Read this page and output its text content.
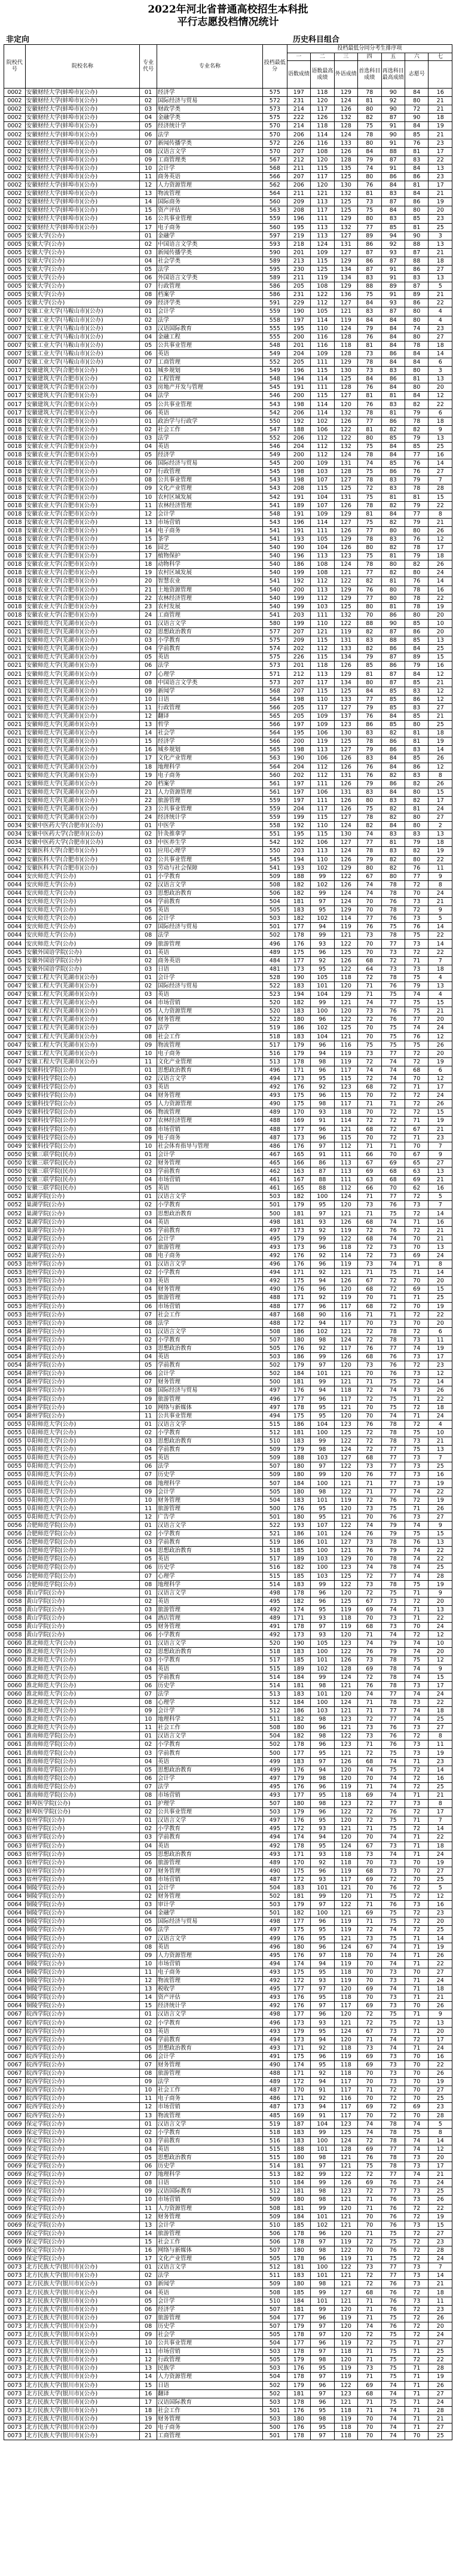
2022年河北省普通高校招生本科批
平行志愿投档情况统计
非定向	历史科目组合
院校代号	院校名称	专业代号	专业名称	投档最低分	投档最低分同分考生排序项						
					一	二	三	四	五	六	七
					语数成绩	语数最高成绩	外语成绩	首选科目成绩	再选科目最高成绩	志愿号	
0002	安徽财经大学(蚌埠市)(公办)	01	经济学	575	197	118	129	78	90	84	16
0002	安徽财经大学(蚌埠市)(公办)	02	国际经济与贸易	572	231	120	124	81	92	80	21
0002	安徽财经大学(蚌埠市)(公办)	03	财政学类	573	214	117	126	80	90	72	21
0002	安徽财经大学(蚌埠市)(公办)	04	金融学类	575	222	126	132	82	87	90	18
0002	安徽财经大学(蚌埠市)(公办)	05	经济统计学	570	214	118	128	75	91	84	19
0002	安徽财经大学(蚌埠市)(公办)	06	法学	570	206	114	124	78	90	85	21
0002	安徽财经大学(蚌埠市)(公办)	07	新闻传播学类	572	226	116	133	80	91	76	23
0002	安徽财经大学(蚌埠市)(公办)	08	汉语言文学	570	207	108	126	84	88	81	17
0002	安徽财经大学(蚌埠市)(公办)	09	工商管理类	567	212	120	128	79	87	83	22
0002	安徽财经大学(蚌埠市)(公办)	10	会计学	568	211	115	135	74	91	84	13
0002	安徽财经大学(蚌埠市)(公办)	11	商务英语	566	207	117	125	80	86	86	23
0002	安徽财经大学(蚌埠市)(公办)	12	人力资源管理	562	206	120	130	76	84	81	17
0002	安徽财经大学(蚌埠市)(公办)	13	物流管理	564	211	121	132	81	83	84	21
0002	安徽财经大学(蚌埠市)(公办)	14	国际商务	560	209	113	125	73	87	86	19
0002	安徽财经大学(蚌埠市)(公办)	15	资产评估	563	208	117	125	75	84	80	20
0002	安徽财经大学(蚌埠市)(公办)	16	公共事业管理	559	196	111	129	80	83	85	23
0002	安徽财经大学(蚌埠市)(公办)	17	电子商务	560	195	113	132	77	85	81	25
0005	安徽大学(公办)	01	金融学	597	219	113	127	89	94	90	3
0005	安徽大学(公办)	02	中国语言文学类	593	218	124	131	86	92	88	13
0005	安徽大学(公办)	03	新闻传播学类	590	201	109	127	87	93	87	21
0005	安徽大学(公办)	04	社会学类	589	213	115	129	86	87	88	18
0005	安徽大学(公办)	05	法学	595	230	125	134	87	91	86	27
0005	安徽大学(公办)	06	外国语言文学类	589	211	119	134	83	91	83	13
0005	安徽大学(公办)	07	行政管理	586	205	108	129	88	89	87	5
0005	安徽大学(公办)	08	档案学	586	231	122	136	75	91	89	21
0005	安徽大学(公办)	09	经济学类	591	229	112	127	84	93	86	22
0007	安徽工业大学(马鞍山市)(公办)	01	会计学	559	190	105	121	83	87	80	4
0007	安徽工业大学(马鞍山市)(公办)	02	法学	558	197	114	119	84	84	80	4
0007	安徽工业大学(马鞍山市)(公办)	03	汉语国际教育	555	195	110	124	79	84	74	23
0007	安徽工业大学(马鞍山市)(公办)	04	金融工程	555	200	116	128	76	84	80	27
0007	安徽工业大学(马鞍山市)(公办)	05	公共事业管理	548	201	116	118	81	84	78	18
0007	安徽工业大学(马鞍山市)(公办)	06	英语	549	204	109	128	73	86	84	14
0007	安徽工业大学(马鞍山市)(公办)	07	工商管理	552	205	111	129	78	84	84	6
0017	安徽建筑大学(合肥市)(公办)	01	城乡规划	549	196	115	130	73	83	80	3
0017	安徽建筑大学(合肥市)(公办)	02	工程管理	548	194	114	125	84	86	81	13
0017	安徽建筑大学(合肥市)(公办)	03	房地产开发与管理	545	191	111	128	76	84	80	20
0017	安徽建筑大学(合肥市)(公办)	04	法学	546	200	115	127	81	81	84	12
0017	安徽建筑大学(合肥市)(公办)	05	公共事业管理	543	198	114	120	76	83	82	22
0017	安徽建筑大学(合肥市)(公办)	06	英语	542	206	114	132	78	81	79	6
0018	安徽农业大学(合肥市)(公办)	01	政治学与行政学	550	192	102	126	77	86	78	18
0018	安徽农业大学(合肥市)(公办)	02	社会工作	547	188	106	122	81	82	82	9
0018	安徽农业大学(合肥市)(公办)	03	法学	552	206	112	122	80	85	79	13
0018	安徽农业大学(合肥市)(公办)	04	英语	546	204	112	132	75	84	85	25
0018	安徽农业大学(合肥市)(公办)	05	经济学	549	200	112	124	78	84	77	16
0018	安徽农业大学(合肥市)(公办)	06	国际经济与贸易	545	200	109	131	74	85	76	14
0018	安徽农业大学(合肥市)(公办)	07	行政管理	545	198	103	128	75	86	76	27
0018	安徽农业大学(合肥市)(公办)	08	公共事业管理	543	198	107	127	78	83	79	7
0018	安徽农业大学(合肥市)(公办)	09	文化产业管理	543	208	115	125	72	83	78	28
0018	安徽农业大学(合肥市)(公办)	10	农村区域发展	542	191	104	131	75	81	81	15
0018	安徽农业大学(合肥市)(公办)	11	农林经济管理	541	189	107	126	78	82	79	22
0018	安徽农业大学(合肥市)(公办)	12	会计学	548	191	109	129	81	84	77	8
0018	安徽农业大学(合肥市)(公办)	13	市场营销	543	196	114	127	75	82	79	21
0018	安徽农业大学(合肥市)(公办)	14	电子商务	541	191	111	126	77	80	80	26
0018	安徽农业大学(合肥市)(公办)	15	茶学	541	193	105	129	78	83	76	12
0018	安徽农业大学(合肥市)(公办)	16	园艺	540	190	104	126	80	82	78	17
0018	安徽农业大学(合肥市)(公办)	17	植物保护	540	196	113	123	75	81	79	18
0018	安徽农业大学(合肥市)(公办)	18	动物科学	540	186	108	124	78	80	82	26
0018	安徽农业大学(合肥市)(公办)	19	农村区域发展	540	199	108	121	77	82	80	24
0018	安徽农业大学(合肥市)(公办)	20	智慧农业	541	192	112	122	82	81	76	14
0018	安徽农业大学(合肥市)(公办)	21	土地资源管理	540	200	113	129	76	80	78	16
0018	安徽农业大学(合肥市)(公办)	22	农林经济管理	540	199	112	129	77	80	78	22
0018	安徽农业大学(合肥市)(公办)	23	农村发展	540	199	103	125	80	81	78	19
0018	安徽农业大学(合肥市)(公办)	24	工商管理	541	203	111	132	70	86	80	20
0021	安徽师范大学(芜湖市)(公办)	01	汉语言文学	580	199	110	122	88	90	85	10
0021	安徽师范大学(芜湖市)(公办)	02	思想政治教育	577	207	121	119	82	87	86	20
0021	安徽师范大学(芜湖市)(公办)	03	小学教育	575	209	115	131	83	88	85	13
0021	安徽师范大学(芜湖市)(公办)	04	学前教育	574	202	112	133	82	86	84	25
0021	安徽师范大学(芜湖市)(公办)	05	英语	575	226	115	134	79	87	89	15
0021	安徽师范大学(芜湖市)(公办)	06	法学	573	201	118	126	85	86	79	16
0021	安徽师范大学(芜湖市)(公办)	07	心理学	571	212	113	129	81	87	84	12
0021	安徽师范大学(芜湖市)(公办)	08	中国语言文学类	573	207	117	134	80	87	85	21
0021	安徽师范大学(芜湖市)(公办)	09	新闻学	568	207	115	125	84	85	83	12
0021	安徽师范大学(芜湖市)(公办)	10	日语	564	198	110	133	77	85	86	12
0021	安徽师范大学(芜湖市)(公办)	11	行政管理	566	205	117	127	79	85	83	27
0021	安徽师范大学(芜湖市)(公办)	12	翻译	565	205	109	137	76	84	85	21
0021	安徽师范大学(芜湖市)(公办)	13	哲学	566	197	109	123	86	85	80	25
0021	安徽师范大学(芜湖市)(公办)	14	社会学	564	195	106	130	83	82	81	18
0021	安徽师范大学(芜湖市)(公办)	15	经济学	566	200	119	125	78	86	81	19
0021	安徽师范大学(芜湖市)(公办)	16	城乡规划	565	198	113	127	79	86	83	14
0021	安徽师范大学(芜湖市)(公办)	17	文化产业管理	563	190	106	126	83	84	85	26
0021	安徽师范大学(芜湖市)(公办)	18	地理科学	564	204	112	126	76	84	86	12
0021	安徽师范大学(芜湖市)(公办)	19	电子商务	560	202	112	131	76	82	83	8
0021	安徽师范大学(芜湖市)(公办)	20	档案学	561	197	111	126	79	86	82	26
0021	安徽师范大学(芜湖市)(公办)	21	人力资源管理	561	197	106	131	83	84	80	15
0021	安徽师范大学(芜湖市)(公办)	22	旅游管理	559	197	111	126	80	83	82	17
0021	安徽师范大学(芜湖市)(公办)	23	公共事业管理	559	204	117	126	75	82	81	24
0021	安徽师范大学(芜湖市)(公办)	24	经济统计学	559	199	115	127	78	82	80	27
0034	安徽中医药大学(合肥市)(公办)	01	中医学	558	192	110	124	82	84	80	2
0034	安徽中医药大学(合肥市)(公办)	02	针灸推拿学	551	195	115	130	74	83	83	13
0034	安徽中医药大学(合肥市)(公办)	03	中医养生学	542	192	106	127	77	81	79	18
0042	安徽医科大学(合肥市)(公办)	01	应用心理学	550	203	113	124	78	83	82	19
0042	安徽医科大学(合肥市)(公办)	02	公共事业管理	545	194	110	126	79	82	80	22
0042	安徽医科大学(合肥市)(公办)	03	劳动与社会保障	541	193	102	129	80	82	76	11
0044	安庆师范大学(公办)	01	小学教育	509	188	99	122	67	80	77	9
0044	安庆师范大学(公办)	02	汉语言文学	508	182	102	126	74	78	72	8
0044	安庆师范大学(公办)	03	思想政治教育	506	182	99	124	74	78	70	24
0044	安庆师范大学(公办)	04	学前教育	504	181	97	124	70	76	73	21
0044	安庆师范大学(公办)	05	英语	505	183	95	129	70	78	72	9
0044	安庆师范大学(公办)	06	会计学	503	182	102	114	77	76	73	5
0044	安庆师范大学(公办)	07	国际经济与贸易	501	177	94	119	76	75	76	14
0044	安庆师范大学(公办)	08	法学	502	178	99	121	73	78	75	22
0044	安庆师范大学(公办)	09	旅游管理	496	176	93	122	70	77	73	14
0045	安徽外国语学院(公办)	01	英语	489	175	96	125	70	73	72	22
0045	安徽外国语学院(公办)	02	商务英语	484	177	92	126	68	72	71	7
0045	安徽外国语学院(公办)	03	日语	481	173	95	122	64	73	73	18
0047	安徽工程大学(芜湖市)(公办)	01	会计学	528	190	105	118	72	78	75	4
0047	安徽工程大学(芜湖市)(公办)	02	国际经济与贸易	522	183	101	120	71	76	79	13
0047	安徽工程大学(芜湖市)(公办)	03	英语	523	194	104	129	71	75	74	4
0047	安徽工程大学(芜湖市)(公办)	04	市场营销	520	182	99	121	74	77	75	15
0047	安徽工程大学(芜湖市)(公办)	05	人力资源管理	520	183	100	120	73	76	75	21
0047	安徽工程大学(芜湖市)(公办)	06	财务管理	522	180	96	122	72	76	77	20
0047	安徽工程大学(芜湖市)(公办)	07	法学	519	186	102	125	70	75	74	24
0047	安徽工程大学(芜湖市)(公办)	08	社会工作	518	183	104	121	70	75	76	12
0047	安徽工程大学(芜湖市)(公办)	09	物流管理	517	179	96	116	75	75	75	26
0047	安徽工程大学(芜湖市)(公办)	10	电子商务	516	179	94	119	73	77	72	20
0047	安徽工程大学(芜湖市)(公办)	11	文化产业管理	513	178	98	119	72	74	72	19
0049	安徽科技学院(公办)	01	思想政治教育	496	171	96	117	74	74	68	6
0049	安徽科技学院(公办)	02	汉语言文学	494	173	95	115	72	74	70	12
0049	安徽科技学院(公办)	03	英语	492	176	92	123	68	72	71	17
0049	安徽科技学院(公办)	04	财务管理	493	175	96	115	70	72	72	24
0049	安徽科技学院(公办)	05	人力资源管理	490	175	98	117	71	71	72	26
0049	安徽科技学院(公办)	06	物流管理	489	170	93	118	70	72	72	15
0049	安徽科技学院(公办)	07	农林经济管理	488	169	91	114	72	72	71	19
0049	安徽科技学院(公办)	08	市场营销	488	177	96	121	68	72	67	21
0049	安徽科技学院(公办)	09	电子商务	487	173	96	115	70	72	71	23
0049	安徽科技学院(公办)	10	社会体育指导与管理	486	176	97	112	71	71	70	7
0050	安徽三联学院(民办)	01	会计学	467	165	91	111	66	70	67	9
0050	安徽三联学院(民办)	02	财务管理	465	166	86	113	67	69	65	27
0050	安徽三联学院(民办)	03	学前教育	462	163	87	113	69	68	63	13
0050	安徽三联学院(民办)	04	市场营销	461	167	88	111	63	68	69	21
0050	安徽三联学院(民办)	05	英语	461	165	88	112	66	70	62	16
0052	巢湖学院(公办)	01	汉语言文学	503	182	100	124	71	77	72	5
0052	巢湖学院(公办)	02	小学教育	501	179	95	120	73	76	73	7
0052	巢湖学院(公办)	03	思想政治教育	500	181	97	121	71	75	72	14
0052	巢湖学院(公办)	04	英语	498	181	93	126	68	74	71	16
0052	巢湖学院(公办)	05	学前教育	497	173	92	119	72	76	72	21
0052	巢湖学院(公办)	06	会计学	495	179	99	122	68	74	70	21
0052	巢湖学院(公办)	07	旅游管理	493	173	96	118	72	73	70	13
0052	巢湖学院(公办)	08	电子商务	492	176	92	114	72	73	69	24
0053	池州学院(公办)	01	汉语言文学	496	176	96	119	73	74	71	8
0053	池州学院(公办)	02	小学教育	494	171	92	121	71	75	71	14
0053	池州学院(公办)	03	英语	492	175	94	126	67	72	70	20
0053	池州学院(公办)	04	财务管理	490	176	96	120	68	72	69	15
0053	池州学院(公办)	05	旅游管理	488	171	92	119	70	71	71	25
0053	池州学院(公办)	06	市场营销	488	177	96	117	68	72	70	19
0053	池州学院(公办)	07	社会工作	487	168	90	116	71	71	72	22
0053	池州学院(公办)	08	法学	488	172	94	117	70	73	70	20
0054	滁州学院(公办)	01	汉语言文学	508	186	102	121	72	78	72	6
0054	滁州学院(公办)	02	小学教育	507	180	98	124	72	78	73	11
0054	滁州学院(公办)	03	思想政治教育	505	176	92	117	76	77	74	19
0054	滁州学院(公办)	04	英语	503	186	99	126	68	76	73	17
0054	滁州学院(公办)	05	学前教育	502	179	97	120	73	76	72	23
0054	滁州学院(公办)	06	会计学	502	184	101	121	70	76	73	12
0054	滁州学院(公办)	07	财务管理	500	181	99	121	71	75	72	14
0054	滁州学院(公办)	08	国际经济与贸易	497	176	94	118	72	74	73	26
0054	滁州学院(公办)	09	旅游管理	496	177	96	117	72	75	71	22
0054	滁州学院(公办)	10	网络与新媒体	497	178	95	121	70	75	72	18
0054	滁州学院(公办)	11	公共事业管理	494	175	95	120	70	74	71	24
0055	阜阳师范大学(公办)	01	汉语言文学	515	186	104	123	76	78	72	4
0055	阜阳师范大学(公办)	02	小学教育	512	181	100	125	72	78	75	10
0055	阜阳师范大学(公办)	03	思想政治教育	510	183	99	122	72	78	73	21
0055	阜阳师范大学(公办)	04	学前教育	509	179	98	124	72	77	75	13
0055	阜阳师范大学(公办)	05	英语	509	188	103	127	68	77	73	7
0055	阜阳师范大学(公办)	06	法学	507	180	97	122	73	77	73	25
0055	阜阳师范大学(公办)	07	历史学	509	180	99	120	76	77	73	16
0055	阜阳师范大学(公办)	08	地理科学	507	184	100	121	71	77	73	19
0055	阜阳师范大学(公办)	09	会计学	505	180	98	122	71	77	74	22
0055	阜阳师范大学(公办)	10	财务管理	504	183	101	119	72	76	72	19
0055	阜阳师范大学(公办)	11	旅游管理	500	176	95	120	73	75	71	26
0055	阜阳师范大学(公办)	12	广告学	501	180	95	121	70	76	73	27
0056	合肥师范学院(公办)	01	汉语言文学	522	193	107	122	74	79	74	9
0056	合肥师范学院(公办)	02	小学教育	521	186	101	124	76	79	75	15
0056	合肥师范学院(公办)	03	学前教育	519	186	101	127	73	78	76	13
0056	合肥师范学院(公办)	04	思想政治教育	518	185	100	121	76	79	74	22
0056	合肥师范学院(公办)	05	英语	517	189	103	129	70	78	74	22
0056	合肥师范学院(公办)	06	历史学	516	182	100	123	74	78	74	25
0056	合肥师范学院(公办)	07	心理学	515	185	103	125	72	77	74	28
0056	合肥师范学院(公办)	08	地理科学	514	183	99	122	73	78	75	19
0058	黄山学院(公办)	01	汉语言文学	498	178	96	120	72	75	71	9
0058	黄山学院(公办)	02	英语	495	182	96	125	67	73	72	20
0058	黄山学院(公办)	03	旅游管理	492	174	95	119	69	74	71	13
0058	黄山学院(公办)	04	酒店管理	489	171	93	118	70	73	71	22
0058	黄山学院(公办)	05	财务管理	491	178	97	119	68	73	70	24
0058	黄山学院(公办)	06	小学教育	492	173	93	120	71	74	72	12
0060	淮北师范大学(公办)	01	汉语言文学	520	190	105	123	74	79	74	10
0060	淮北师范大学(公办)	02	思想政治教育	518	183	100	122	76	79	74	20
0060	淮北师范大学(公办)	03	小学教育	517	185	101	126	73	78	75	12
0060	淮北师范大学(公办)	04	英语	515	189	102	128	69	78	74	9
0060	淮北师范大学(公办)	05	学前教育	514	184	99	124	72	78	74	15
0060	淮北师范大学(公办)	06	历史学	514	181	98	121	76	78	73	17
0060	淮北师范大学(公办)	07	法学	513	183	101	120	74	77	74	24
0060	淮北师范大学(公办)	08	心理学	512	184	100	124	71	78	73	22
0060	淮北师范大学(公办)	09	会计学	512	186	103	121	71	77	74	18
0060	淮北师范大学(公办)	10	地理科学	511	182	98	123	72	77	74	25
0060	淮北师范大学(公办)	11	社会工作	508	180	96	121	73	76	73	27
0061	淮南师范学院(公办)	01	汉语言文学	504	182	98	122	73	76	72	8
0061	淮南师范学院(公办)	02	小学教育	502	178	96	123	71	76	73	11
0061	淮南师范学院(公办)	03	学前教育	500	177	95	121	72	75	73	19
0061	淮南师范学院(公办)	04	英语	499	183	97	126	68	74	71	23
0061	淮南师范学院(公办)	05	思想政治教育	499	176	94	120	74	75	72	14
0061	淮南师范学院(公办)	06	会计学	497	179	98	120	70	74	72	16
0061	淮南师范学院(公办)	07	法学	495	176	96	119	71	74	72	25
0061	淮南师范学院(公办)	08	市场营销	493	177	95	118	69	74	71	21
0062	蚌埠医学院(公办)	01	护理学	507	180	98	123	72	77	73	8
0062	蚌埠医学院(公办)	02	公共事业管理	503	179	96	122	72	76	72	17
0063	宿州学院(公办)	01	汉语言文学	497	176	95	120	72	75	71	7
0063	宿州学院(公办)	02	小学教育	495	172	93	121	71	75	72	14
0063	宿州学院(公办)	03	学前教育	494	174	94	120	70	74	71	22
0063	宿州学院(公办)	04	英语	492	178	95	124	67	73	71	18
0063	宿州学院(公办)	05	思想政治教育	493	171	93	118	73	74	71	24
0063	宿州学院(公办)	06	旅游管理	489	170	92	118	70	73	70	19
0063	宿州学院(公办)	07	财务管理	490	175	96	119	68	73	70	27
0063	宿州学院(公办)	08	市场营销	487	172	93	117	69	72	70	25
0064	铜陵学院(公办)	01	会计学	504	183	101	121	70	76	72	5
0064	铜陵学院(公办)	02	财务管理	502	181	99	120	71	75	72	12
0064	铜陵学院(公办)	03	审计学	503	179	97	122	71	76	73	16
0064	铜陵学院(公办)	04	金融学	501	182	100	121	69	75	72	23
0064	铜陵学院(公办)	05	国际经济与贸易	498	177	96	119	71	75	72	20
0064	铜陵学院(公办)	06	法学	497	175	95	119	72	74	72	25
0064	铜陵学院(公办)	07	汉语言文学	499	176	95	121	73	75	71	14
0064	铜陵学院(公办)	08	英语	496	180	96	124	67	74	71	19
0064	铜陵学院(公办)	09	人力资源管理	495	176	97	118	70	74	71	26
0064	铜陵学院(公办)	10	市场营销	494	174	94	119	70	74	71	22
0064	铜陵学院(公办)	11	电子商务	493	175	95	118	70	73	70	27
0064	铜陵学院(公办)	12	物流管理	492	172	93	119	70	73	71	24
0064	铜陵学院(公办)	13	税收学	495	177	97	120	69	74	71	18
0064	铜陵学院(公办)	14	资产评估	493	176	95	118	70	73	71	21
0064	铜陵学院(公办)	15	经济统计学	492	176	97	117	69	73	70	26
0067	皖西学院(公办)	01	汉语言文学	498	177	96	120	72	75	71	9
0067	皖西学院(公办)	02	小学教育	496	173	93	121	72	75	72	13
0067	皖西学院(公办)	03	英语	493	179	95	124	67	73	71	20
0067	皖西学院(公办)	04	学前教育	494	173	94	120	71	74	72	17
0067	皖西学院(公办)	05	思想政治教育	493	171	92	118	73	74	71	24
0067	皖西学院(公办)	06	会计学	491	175	96	119	69	73	70	16
0067	皖西学院(公办)	07	财务管理	490	174	95	118	69	73	70	22
0067	皖西学院(公办)	08	旅游管理	488	171	92	118	70	73	70	26
0067	皖西学院(公办)	09	法学	489	172	94	117	70	73	70	19
0067	皖西学院(公办)	10	社会工作	487	170	91	117	71	72	70	27
0067	皖西学院(公办)	11	电子商务	486	171	92	116	70	72	70	25
0067	皖西学院(公办)	12	市场营销	487	173	94	117	69	72	69	23
0067	皖西学院(公办)	13	物流管理	485	169	91	117	70	72	70	28
0069	保定学院(公办)	01	汉语言文学	519	187	104	123	74	78	74	5
0069	保定学院(公办)	02	小学教育	518	183	99	125	74	78	75	8
0069	保定学院(公办)	03	学前教育	516	183	100	124	72	78	74	14
0069	保定学院(公办)	04	英语	515	188	101	128	69	77	74	12
0069	保定学院(公办)	05	思想政治教育	515	180	98	121	76	78	73	20
0069	保定学院(公办)	06	历史学	514	181	97	121	75	78	73	17
0069	保定学院(公办)	07	地理科学	513	182	99	122	72	77	74	21
0069	保定学院(公办)	08	日语	510	184	99	126	69	76	73	24
0069	保定学院(公办)	09	汉语国际教育	512	181	98	123	72	77	73	25
0069	保定学院(公办)	10	市场营销	509	180	98	121	71	76	73	26
0069	保定学院(公办)	11	人力资源管理	508	181	99	120	71	76	72	22
0069	保定学院(公办)	12	财务管理	509	184	101	121	70	76	72	19
0069	保定学院(公办)	13	会计学	510	185	102	121	70	76	73	15
0069	保定学院(公办)	14	旅游管理	506	178	96	120	71	75	72	27
0069	保定学院(公办)	15	社会工作	506	178	97	119	72	75	72	23
0069	保定学院(公办)	16	网络与新媒体	507	180	98	122	70	76	72	28
0069	保定学院(公办)	17	文化产业管理	505	178	96	119	71	75	72	24
0073	北方民族大学(银川市)(公办)	01	汉语言文学	512	181	100	122	73	77	73	7
0073	北方民族大学(银川市)(公办)	02	法学	511	183	101	121	72	77	73	14
0073	北方民族大学(银川市)(公办)	03	新闻学	509	180	98	121	72	76	73	21
0073	北方民族大学(银川市)(公办)	04	英语	508	185	99	127	68	76	72	18
0073	北方民族大学(银川市)(公办)	05	会计学	510	184	101	121	71	76	73	11
0073	北方民族大学(银川市)(公办)	06	经济学	507	181	99	120	71	76	72	23
0073	北方民族大学(银川市)(公办)	07	旅游管理	504	177	96	119	71	75	72	26
0073	北方民族大学(银川市)(公办)	08	历史学	507	179	97	120	74	76	72	20
0073	北方民族大学(银川市)(公办)	09	社会学	505	178	97	120	72	75	72	24
0073	北方民族大学(银川市)(公办)	10	公共事业管理	504	177	96	119	72	75	71	27
0073	北方民族大学(银川市)(公办)	11	市场营销	503	178	97	118	71	75	71	25
0073	北方民族大学(银川市)(公办)	12	行政管理	505	179	98	120	71	75	72	22
0073	北方民族大学(银川市)(公办)	13	民族学	503	176	95	119	73	75	71	28
0073	北方民族大学(银川市)(公办)	14	人力资源管理	504	178	97	119	71	75	71	19
0073	北方民族大学(银川市)(公办)	15	日语	502	179	96	122	69	74	71	26
0073	北方民族大学(银川市)(公办)	16	翻译	502	181	97	123	68	74	71	27
0073	北方民族大学(银川市)(公办)	17	汉语国际教育	503	178	96	121	71	75	71	24
0073	北方民族大学(银川市)(公办)	18	社会工作	501	176	95	118	71	74	71	28
0073	北方民族大学(银川市)(公办)	19	财务管理	503	180	98	119	70	74	71	21
0073	北方民族大学(银川市)(公办)	20	电子商务	500	176	95	118	70	74	71	27
0073	北方民族大学(银川市)(公办)	21	工商管理	501	178	97	118	70	74	70	25
